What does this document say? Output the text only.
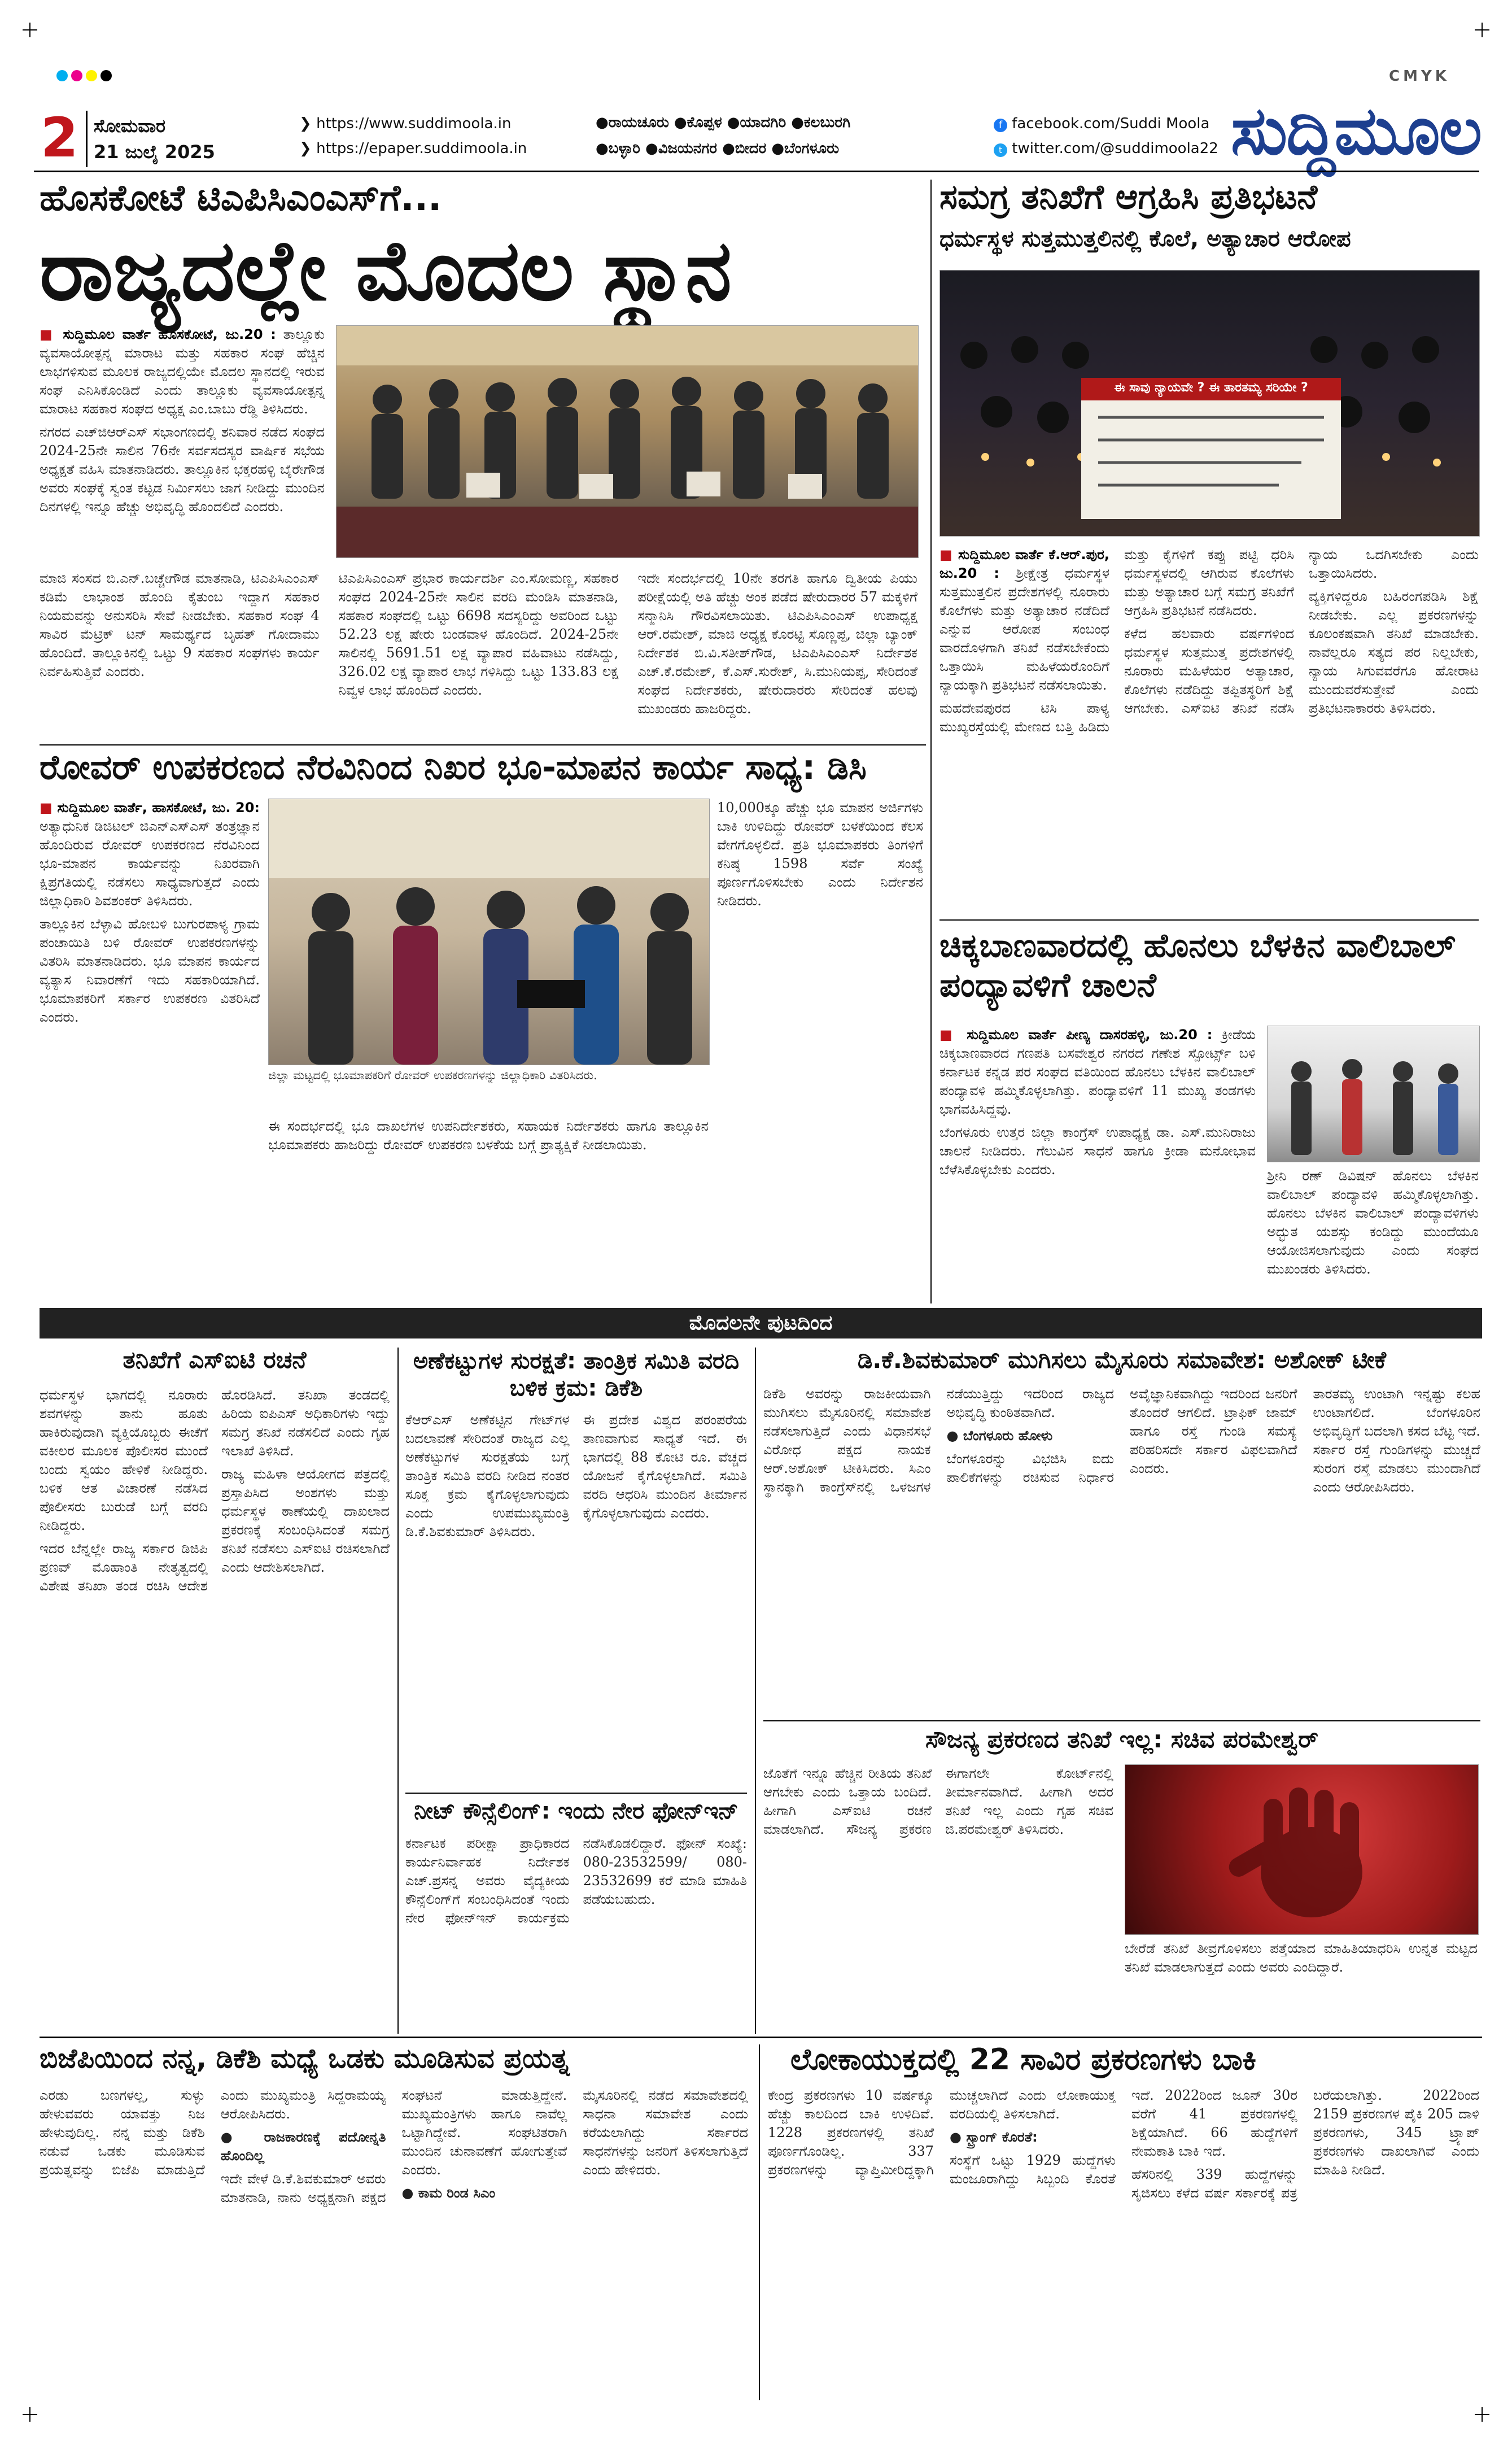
CMYK
2 ಸೋಮವಾರ
21 ಜುಲೈ 2025
❯ https://www.suddimoola.in
❯ https://epaper.suddimoola.in
●ರಾಯಚೂರು ●ಕೊಪ್ಪಳ ●ಯಾದಗಿರಿ ●ಕಲಬುರಗಿ
●ಬಳ್ಳಾರಿ ●ವಿಜಯನಗರ ●ಬೀದರ ●ಬೆಂಗಳೂರು
f facebook.com/Suddi Moola
t twitter.com/@suddimoola22 ಸುದ್ದಿಮೂಲ
ಹೊಸಕೋಟೆ ಟಿಎಪಿಸಿಎಂಎಸ್‌ಗೆ...
ರಾಜ್ಯದಲ್ಲೇ ಮೊದಲ ಸ್ಥಾನ

■ ಸುದ್ದಿಮೂಲ ವಾರ್ತೆ ಹೊಸಕೋಟೆ, ಜು.20 : ತಾಲ್ಲೂಕು ವ್ಯವಸಾಯೋತ್ಪನ್ನ ಮಾರಾಟ ಮತ್ತು ಸಹಕಾರ ಸಂಘ ಹೆಚ್ಚಿನ ಲಾಭಗಳಿಸುವ ಮೂಲಕ ರಾಜ್ಯದಲ್ಲಿಯೇ ಮೊದಲ ಸ್ಥಾನದಲ್ಲಿ ಇರುವ ಸಂಘ ಎನಿಸಿಕೊಂಡಿದೆ ಎಂದು ತಾಲ್ಲೂಕು ವ್ಯವಸಾಯೋತ್ಪನ್ನ ಮಾರಾಟ ಸಹಕಾರ ಸಂಘದ ಅಧ್ಯಕ್ಷ ಎಂ.ಬಾಬು ರೆಡ್ಡಿ ತಿಳಿಸಿದರು.

ನಗರದ ಎಚ್‌ಜಿಆರ್‌ಎಸ್ ಸಭಾಂಗಣದಲ್ಲಿ ಶನಿವಾರ ನಡೆದ ಸಂಘದ 2024-25ನೇ ಸಾಲಿನ 76ನೇ ಸರ್ವಸದಸ್ಯರ ವಾರ್ಷಿಕ ಸಭೆಯ ಅಧ್ಯಕ್ಷತೆ ವಹಿಸಿ ಮಾತನಾಡಿದರು. ತಾಲ್ಲೂಕಿನ ಭಕ್ತರಹಳ್ಳಿ ಬೈರೇಗೌಡ ಅವರು ಸಂಘಕ್ಕೆ ಸ್ವಂತ ಕಟ್ಟಡ ನಿರ್ಮಿಸಲು ಜಾಗ ನೀಡಿದ್ದು ಮುಂದಿನ ದಿನಗಳಲ್ಲಿ ಇನ್ನೂ ಹೆಚ್ಚು ಅಭಿವೃದ್ಧಿ ಹೊಂದಲಿದೆ ಎಂದರು.

ಮಾಜಿ ಸಂಸದ ಬಿ.ಎನ್.ಬಚ್ಚೇಗೌಡ ಮಾತನಾಡಿ, ಟಿಎಪಿಸಿಎಂಎಸ್ ಕಡಿಮೆ ಲಾಭಾಂಶ ಹೊಂದಿ ಕೈತುಂಬ ಇದ್ದಾಗ ಸಹಕಾರ ನಿಯಮವನ್ನು ಅನುಸರಿಸಿ ಸೇವೆ ನೀಡಬೇಕು. ಸಹಕಾರ ಸಂಘ 4 ಸಾವಿರ ಮೆಟ್ರಿಕ್ ಟನ್ ಸಾಮರ್ಥ್ಯದ ಬೃಹತ್ ಗೋದಾಮು ಹೊಂದಿದೆ. ತಾಲ್ಲೂಕಿನಲ್ಲಿ ಒಟ್ಟು 9 ಸಹಕಾರ ಸಂಘಗಳು ಕಾರ್ಯ ನಿರ್ವಹಿಸುತ್ತಿವೆ ಎಂದರು.

ಟಿಎಪಿಸಿಎಂಎಸ್ ಪ್ರಭಾರ ಕಾರ್ಯದರ್ಶಿ ಎಂ.ಸೋಮಣ್ಣ, ಸಹಕಾರ ಸಂಘದ 2024-25ನೇ ಸಾಲಿನ ವರದಿ ಮಂಡಿಸಿ ಮಾತನಾಡಿ, ಸಹಕಾರ ಸಂಘದಲ್ಲಿ ಒಟ್ಟು 6698 ಸದಸ್ಯರಿದ್ದು ಅವರಿಂದ ಒಟ್ಟು 52.23 ಲಕ್ಷ ಷೇರು ಬಂಡವಾಳ ಹೊಂದಿದೆ. 2024-25ನೇ ಸಾಲಿನಲ್ಲಿ 5691.51 ಲಕ್ಷ ವ್ಯಾಪಾರ ವಹಿವಾಟು ನಡೆಸಿದ್ದು, 326.02 ಲಕ್ಷ ವ್ಯಾಪಾರ ಲಾಭ ಗಳಿಸಿದ್ದು ಒಟ್ಟು 133.83 ಲಕ್ಷ ನಿವ್ವಳ ಲಾಭ ಹೊಂದಿದೆ ಎಂದರು.

ಇದೇ ಸಂದರ್ಭದಲ್ಲಿ 10ನೇ ತರಗತಿ ಹಾಗೂ ದ್ವಿತೀಯ ಪಿಯು ಪರೀಕ್ಷೆಯಲ್ಲಿ ಅತಿ ಹೆಚ್ಚು ಅಂಕ ಪಡೆದ ಷೇರುದಾರರ 57 ಮಕ್ಕಳಿಗೆ ಸನ್ಮಾನಿಸಿ ಗೌರವಿಸಲಾಯಿತು. ಟಿಎಪಿಸಿಎಂಎಸ್ ಉಪಾಧ್ಯಕ್ಷ ಆರ್.ರಮೇಶ್, ಮಾಜಿ ಅಧ್ಯಕ್ಷ ಕೊರಟ್ಟಿ ಸೊಣ್ಣಪ್ಪ, ಜಿಲ್ಲಾ ಬ್ಯಾಂಕ್ ನಿರ್ದೇಶಕ ಬಿ.ವಿ.ಸತೀಶ್‌ಗೌಡ, ಟಿಎಪಿಸಿಎಂಎಸ್ ನಿರ್ದೇಶಕ ಎಚ್.ಕೆ.ರಮೇಶ್, ಕೆ.ಎಸ್.ಸುರೇಶ್, ಸಿ.ಮುನಿಯಪ್ಪ, ಸೇರಿದಂತೆ ಸಂಘದ ನಿರ್ದೇಶಕರು, ಷೇರುದಾರರು ಸೇರಿದಂತೆ ಹಲವು ಮುಖಂಡರು ಹಾಜರಿದ್ದರು.

ಸಮಗ್ರ ತನಿಖೆಗೆ ಆಗ್ರಹಿಸಿ ಪ್ರತಿಭಟನೆ
ಧರ್ಮಸ್ಥಳ ಸುತ್ತಮುತ್ತಲಿನಲ್ಲಿ ಕೊಲೆ, ಅತ್ಯಾಚಾರ ಆರೋಪ
ಈ ಸಾವು ನ್ಯಾಯವೇ ? ಈ ತಾರತಮ್ಯ ಸರಿಯೇ ?

■ ಸುದ್ದಿಮೂಲ ವಾರ್ತೆ ಕೆ.ಆರ್.ಪುರ, ಜು.20 : ಶ್ರೀಕ್ಷೇತ್ರ ಧರ್ಮಸ್ಥಳ ಸುತ್ತಮುತ್ತಲಿನ ಪ್ರದೇಶಗಳಲ್ಲಿ ನೂರಾರು ಕೊಲೆಗಳು ಮತ್ತು ಅತ್ಯಾಚಾರ ನಡೆದಿದೆ ಎನ್ನುವ ಆರೋಪ ಸಂಬಂಧ ವಾರದೊಳಗಾಗಿ ತನಿಖೆ ನಡೆಸಬೇಕೆಂದು ಒತ್ತಾಯಿಸಿ ಮಹಿಳೆಯರೊಂದಿಗೆ ನ್ಯಾಯಕ್ಕಾಗಿ ಪ್ರತಿಭಟನೆ ನಡೆಸಲಾಯಿತು.

ಮಹದೇವಪುರದ ಟಿಸಿ ಪಾಳ್ಯ ಮುಖ್ಯರಸ್ತೆಯಲ್ಲಿ ಮೇಣದ ಬತ್ತಿ ಹಿಡಿದು ಮತ್ತು ಕೈಗಳಿಗೆ ಕಪ್ಪು ಪಟ್ಟಿ ಧರಿಸಿ ಧರ್ಮಸ್ಥಳದಲ್ಲಿ ಆಗಿರುವ ಕೊಲೆಗಳು ಮತ್ತು ಅತ್ಯಾಚಾರ ಬಗ್ಗೆ ಸಮಗ್ರ ತನಿಖೆಗೆ ಆಗ್ರಹಿಸಿ ಪ್ರತಿಭಟನೆ ನಡೆಸಿದರು.

ಕಳೆದ ಹಲವಾರು ವರ್ಷಗಳಿಂದ ಧರ್ಮಸ್ಥಳ ಸುತ್ತಮುತ್ತ ಪ್ರದೇಶಗಳಲ್ಲಿ ನೂರಾರು ಮಹಿಳೆಯರ ಅತ್ಯಾಚಾರ, ಕೊಲೆಗಳು ನಡೆದಿದ್ದು ತಪ್ಪಿತಸ್ಥರಿಗೆ ಶಿಕ್ಷೆ ಆಗಬೇಕು. ಎಸ್‌ಐಟಿ ತನಿಖೆ ನಡೆಸಿ ನ್ಯಾಯ ಒದಗಿಸಬೇಕು ಎಂದು ಒತ್ತಾಯಿಸಿದರು.

ವ್ಯಕ್ತಿಗಳಿದ್ದರೂ ಬಹಿರಂಗಪಡಿಸಿ ಶಿಕ್ಷೆ ನೀಡಬೇಕು. ಎಲ್ಲ ಪ್ರಕರಣಗಳನ್ನು ಕೂಲಂಕಷವಾಗಿ ತನಿಖೆ ಮಾಡಬೇಕು. ನಾವೆಲ್ಲರೂ ಸತ್ಯದ ಪರ ನಿಲ್ಲಬೇಕು, ನ್ಯಾಯ ಸಿಗುವವರೆಗೂ ಹೋರಾಟ ಮುಂದುವರೆಸುತ್ತೇವೆ ಎಂದು ಪ್ರತಿಭಟನಾಕಾರರು ತಿಳಿಸಿದರು.

ರೋವರ್ ಉಪಕರಣದ ನೆರವಿನಿಂದ ನಿಖರ ಭೂ-ಮಾಪನ ಕಾರ್ಯ ಸಾಧ್ಯ: ಡಿಸಿ

■ ಸುದ್ದಿಮೂಲ ವಾರ್ತೆ, ಹಾಸಕೋಟೆ, ಜು. 20: ಅತ್ಯಾಧುನಿಕ ಡಿಜಿಟಲ್ ಜಿಎನ್‌ಎಸ್‌ಎಸ್ ತಂತ್ರಜ್ಞಾನ ಹೊಂದಿರುವ ರೋವರ್ ಉಪಕರಣದ ನೆರವಿನಿಂದ ಭೂ-ಮಾಪನ ಕಾರ್ಯವನ್ನು ನಿಖರವಾಗಿ ಕ್ಷಿಪ್ರಗತಿಯಲ್ಲಿ ನಡೆಸಲು ಸಾಧ್ಯವಾಗುತ್ತದೆ ಎಂದು ಜಿಲ್ಲಾಧಿಕಾರಿ ಶಿವಶಂಕರ್ ತಿಳಿಸಿದರು.

ತಾಲ್ಲೂಕಿನ ಬೆಳ್ಳಾವಿ ಹೋಬಳಿ ಬುಗುರಪಾಳ್ಯ ಗ್ರಾಮ ಪಂಚಾಯಿತಿ ಬಳಿ ರೋವರ್ ಉಪಕರಣಗಳನ್ನು ವಿತರಿಸಿ ಮಾತನಾಡಿದರು. ಭೂ ಮಾಪನ ಕಾರ್ಯದ ವ್ಯತ್ಯಾಸ ನಿವಾರಣೆಗೆ ಇದು ಸಹಕಾರಿಯಾಗಿದೆ. ಭೂಮಾಪಕರಿಗೆ ಸರ್ಕಾರ ಉಪಕರಣ ವಿತರಿಸಿದೆ ಎಂದರು.

ಜಿಲ್ಲಾ ಮಟ್ಟದಲ್ಲಿ ಭೂಮಾಪಕರಿಗೆ ರೋವರ್ ಉಪಕರಣಗಳನ್ನು ಜಿಲ್ಲಾಧಿಕಾರಿ ವಿತರಿಸಿದರು.

ಈ ಸಂದರ್ಭದಲ್ಲಿ ಭೂ ದಾಖಲೆಗಳ ಉಪನಿರ್ದೇಶಕರು, ಸಹಾಯಕ ನಿರ್ದೇಶಕರು ಹಾಗೂ ತಾಲ್ಲೂಕಿನ ಭೂಮಾಪಕರು ಹಾಜರಿದ್ದು ರೋವರ್ ಉಪಕರಣ ಬಳಕೆಯ ಬಗ್ಗೆ ಪ್ರಾತ್ಯಕ್ಷಿಕೆ ನೀಡಲಾಯಿತು.

10,000ಕ್ಕೂ ಹೆಚ್ಚು ಭೂ ಮಾಪನ ಅರ್ಜಿಗಳು ಬಾಕಿ ಉಳಿದಿದ್ದು ರೋವರ್ ಬಳಕೆಯಿಂದ ಕೆಲಸ ವೇಗಗೊಳ್ಳಲಿದೆ. ಪ್ರತಿ ಭೂಮಾಪಕರು ತಿಂಗಳಿಗೆ ಕನಿಷ್ಠ 1598 ಸರ್ವೆ ಸಂಖ್ಯೆ ಪೂರ್ಣಗೊಳಿಸಬೇಕು ಎಂದು ನಿರ್ದೇಶನ ನೀಡಿದರು.

ಚಿಕ್ಕಬಾಣವಾರದಲ್ಲಿ ಹೊನಲು ಬೆಳಕಿನ ವಾಲಿಬಾಲ್ ಪಂದ್ಯಾವಳಿಗೆ ಚಾಲನೆ

■ ಸುದ್ದಿಮೂಲ ವಾರ್ತೆ ಪೀಣ್ಯ ದಾಸರಹಳ್ಳಿ, ಜು.20 : ಕ್ರೀಡೆಯ ಚಿಕ್ಕಬಾಣವಾರದ ಗಣಪತಿ ಬಸವೇಶ್ವರ ನಗರದ ಗಣೇಶ ಸ್ಪೋರ್ಟ್ಸ್ ಬಳಿ ಕರ್ನಾಟಕ ಕನ್ನಡ ಪರ ಸಂಘದ ವತಿಯಿಂದ ಹೊನಲು ಬೆಳಕಿನ ವಾಲಿಬಾಲ್ ಪಂದ್ಯಾವಳಿ ಹಮ್ಮಿಕೊಳ್ಳಲಾಗಿತ್ತು. ಪಂದ್ಯಾವಳಿಗೆ 11 ಮುಖ್ಯ ತಂಡಗಳು ಭಾಗವಹಿಸಿದ್ದವು.

ಬೆಂಗಳೂರು ಉತ್ತರ ಜಿಲ್ಲಾ ಕಾಂಗ್ರೆಸ್ ಉಪಾಧ್ಯಕ್ಷ ಡಾ. ಎಸ್.ಮುನಿರಾಜು ಚಾಲನೆ ನೀಡಿದರು. ಗೆಲುವಿನ ಸಾಧನೆ ಹಾಗೂ ಕ್ರೀಡಾ ಮನೋಭಾವ ಬೆಳೆಸಿಕೊಳ್ಳಬೇಕು ಎಂದರು.	ಶ್ರೀನಿ ರಣ್ ಡಿವಿಷನ್ ಹೊನಲು ಬೆಳಕಿನ ವಾಲಿಬಾಲ್ ಪಂದ್ಯಾವಳಿ ಹಮ್ಮಿಕೊಳ್ಳಲಾಗಿತ್ತು. ಹೊನಲು ಬೆಳಕಿನ ವಾಲಿಬಾಲ್ ಪಂದ್ಯಾವಳಿಗಳು ಅದ್ಭುತ ಯಶಸ್ಸು ಕಂಡಿದ್ದು ಮುಂದೆಯೂ ಆಯೋಜಿಸಲಾಗುವುದು ಎಂದು ಸಂಘದ ಮುಖಂಡರು ತಿಳಿಸಿದರು.

ಮೊದಲನೇ ಪುಟದಿಂದ
ತನಿಖೆಗೆ ಎಸ್‌ಐಟಿ ರಚನೆ

ಧರ್ಮಸ್ಥಳ ಭಾಗದಲ್ಲಿ ನೂರಾರು ಶವಗಳನ್ನು ತಾನು ಹೂತು ಹಾಕಿರುವುದಾಗಿ ವ್ಯಕ್ತಿಯೊಬ್ಬರು ಈಚೆಗೆ ವಕೀಲರ ಮೂಲಕ ಪೊಲೀಸರ ಮುಂದೆ ಬಂದು ಸ್ವಯಂ ಹೇಳಿಕೆ ನೀಡಿದ್ದರು. ಬಳಿಕ ಆತ ವಿಚಾರಣೆ ನಡೆಸಿದ ಪೊಲೀಸರು ಬುರುಡೆ ಬಗ್ಗೆ ವರದಿ ನೀಡಿದ್ದರು.

ಇದರ ಬೆನ್ನಲ್ಲೇ ರಾಜ್ಯ ಸರ್ಕಾರ ಡಿಜಿಪಿ ಪ್ರಣವ್ ಮೊಹಾಂತಿ ನೇತೃತ್ವದಲ್ಲಿ ವಿಶೇಷ ತನಿಖಾ ತಂಡ ರಚಿಸಿ ಆದೇಶ ಹೊರಡಿಸಿದೆ. ತನಿಖಾ ತಂಡದಲ್ಲಿ ಹಿರಿಯ ಐಪಿಎಸ್ ಅಧಿಕಾರಿಗಳು ಇದ್ದು ಸಮಗ್ರ ತನಿಖೆ ನಡೆಸಲಿದೆ ಎಂದು ಗೃಹ ಇಲಾಖೆ ತಿಳಿಸಿದೆ.

ರಾಜ್ಯ ಮಹಿಳಾ ಆಯೋಗದ ಪತ್ರದಲ್ಲಿ ಪ್ರಸ್ತಾಪಿಸಿದ ಅಂಶಗಳು ಮತ್ತು ಧರ್ಮಸ್ಥಳ ಠಾಣೆಯಲ್ಲಿ ದಾಖಲಾದ ಪ್ರಕರಣಕ್ಕೆ ಸಂಬಂಧಿಸಿದಂತೆ ಸಮಗ್ರ ತನಿಖೆ ನಡೆಸಲು ಎಸ್‌ಐಟಿ ರಚಿಸಲಾಗಿದೆ ಎಂದು ಆದೇಶಿಸಲಾಗಿದೆ.

ಅಣೆಕಟ್ಟುಗಳ ಸುರಕ್ಷತೆ: ತಾಂತ್ರಿಕ ಸಮಿತಿ ವರದಿ ಬಳಿಕ ಕ್ರಮ: ಡಿಕೆಶಿ

ಕೆಆರ್‌ಎಸ್ ಅಣೆಕಟ್ಟಿನ ಗೇಟ್‌ಗಳ ಬದಲಾವಣೆ ಸೇರಿದಂತೆ ರಾಜ್ಯದ ಎಲ್ಲ ಅಣೆಕಟ್ಟುಗಳ ಸುರಕ್ಷತೆಯ ಬಗ್ಗೆ ತಾಂತ್ರಿಕ ಸಮಿತಿ ವರದಿ ನೀಡಿದ ನಂತರ ಸೂಕ್ತ ಕ್ರಮ ಕೈಗೊಳ್ಳಲಾಗುವುದು ಎಂದು ಉಪಮುಖ್ಯಮಂತ್ರಿ ಡಿ.ಕೆ.ಶಿವಕುಮಾರ್ ತಿಳಿಸಿದರು.

ಈ ಪ್ರದೇಶ ವಿಶ್ವದ ಪರಂಪರೆಯ ತಾಣವಾಗುವ ಸಾಧ್ಯತೆ ಇದೆ. ಈ ಭಾಗದಲ್ಲಿ 88 ಕೋಟಿ ರೂ. ವೆಚ್ಚದ ಯೋಜನೆ ಕೈಗೊಳ್ಳಲಾಗಿದೆ. ಸಮಿತಿ ವರದಿ ಆಧರಿಸಿ ಮುಂದಿನ ತೀರ್ಮಾನ ಕೈಗೊಳ್ಳಲಾಗುವುದು ಎಂದರು.

ನೀಟ್ ಕೌನ್ಸೆಲಿಂಗ್: ಇಂದು ನೇರ ಫೋನ್‌ಇನ್

ಕರ್ನಾಟಕ ಪರೀಕ್ಷಾ ಪ್ರಾಧಿಕಾರದ ಕಾರ್ಯನಿರ್ವಾಹಕ ನಿರ್ದೇಶಕ ಎಚ್.ಪ್ರಸನ್ನ ಅವರು ವೈದ್ಯಕೀಯ ಕೌನ್ಸೆಲಿಂಗ್‌ಗೆ ಸಂಬಂಧಿಸಿದಂತೆ ಇಂದು ನೇರ ಫೋನ್‌ಇನ್ ಕಾರ್ಯಕ್ರಮ ನಡೆಸಿಕೊಡಲಿದ್ದಾರೆ. ಫೋನ್ ಸಂಖ್ಯೆ: 080-23532599/ 080-23532699 ಕರೆ ಮಾಡಿ ಮಾಹಿತಿ ಪಡೆಯಬಹುದು.

ಡಿ.ಕೆ.ಶಿವಕುಮಾರ್ ಮುಗಿಸಲು ಮೈಸೂರು ಸಮಾವೇಶ: ಅಶೋಕ್ ಟೀಕೆ

ಡಿಕೆಶಿ ಅವರನ್ನು ರಾಜಕೀಯವಾಗಿ ಮುಗಿಸಲು ಮೈಸೂರಿನಲ್ಲಿ ಸಮಾವೇಶ ನಡೆಸಲಾಗುತ್ತಿದೆ ಎಂದು ವಿಧಾನಸಭೆ ವಿರೋಧ ಪಕ್ಷದ ನಾಯಕ ಆರ್.ಅಶೋಕ್ ಟೀಕಿಸಿದರು. ಸಿಎಂ ಸ್ಥಾನಕ್ಕಾಗಿ ಕಾಂಗ್ರೆಸ್‌ನಲ್ಲಿ ಒಳಜಗಳ ನಡೆಯುತ್ತಿದ್ದು ಇದರಿಂದ ರಾಜ್ಯದ ಅಭಿವೃದ್ಧಿ ಕುಂಠಿತವಾಗಿದೆ.

● ಬೆಂಗಳೂರು ಹೋಳು

ಬೆಂಗಳೂರನ್ನು ವಿಭಜಿಸಿ ಐದು ಪಾಲಿಕೆಗಳನ್ನು ರಚಿಸುವ ನಿರ್ಧಾರ ಅವೈಜ್ಞಾನಿಕವಾಗಿದ್ದು ಇದರಿಂದ ಜನರಿಗೆ ತೊಂದರೆ ಆಗಲಿದೆ. ಟ್ರಾಫಿಕ್ ಜಾಮ್ ಹಾಗೂ ರಸ್ತೆ ಗುಂಡಿ ಸಮಸ್ಯೆ ಪರಿಹರಿಸದೇ ಸರ್ಕಾರ ವಿಫಲವಾಗಿದೆ ಎಂದರು.

ತಾರತಮ್ಯ ಉಂಟಾಗಿ ಇನ್ನಷ್ಟು ಕಲಹ ಉಂಟಾಗಲಿದೆ. ಬೆಂಗಳೂರಿನ ಅಭಿವೃದ್ಧಿಗೆ ಬದಲಾಗಿ ಕಸದ ಬೆಟ್ಟ ಇದೆ. ಸರ್ಕಾರ ರಸ್ತೆ ಗುಂಡಿಗಳನ್ನು ಮುಚ್ಚದೆ ಸುರಂಗ ರಸ್ತೆ ಮಾಡಲು ಮುಂದಾಗಿದೆ ಎಂದು ಆರೋಪಿಸಿದರು.

ಸೌಜನ್ಯ ಪ್ರಕರಣದ ತನಿಖೆ ಇಲ್ಲ: ಸಚಿವ ಪರಮೇಶ್ವರ್

ಜೊತೆಗೆ ಇನ್ನೂ ಹೆಚ್ಚಿನ ರೀತಿಯ ತನಿಖೆ ಆಗಬೇಕು ಎಂದು ಒತ್ತಾಯ ಬಂದಿದೆ. ಹೀಗಾಗಿ ಎಸ್‌ಐಟಿ ರಚನೆ ಮಾಡಲಾಗಿದೆ. ಸೌಜನ್ಯ ಪ್ರಕರಣ ಈಗಾಗಲೇ ಕೋರ್ಟ್‌ನಲ್ಲಿ ತೀರ್ಮಾನವಾಗಿದೆ. ಹೀಗಾಗಿ ಅದರ ತನಿಖೆ ಇಲ್ಲ ಎಂದು ಗೃಹ ಸಚಿವ ಜಿ.ಪರಮೇಶ್ವರ್ ತಿಳಿಸಿದರು.

ಬೇರೆಡೆ ತನಿಖೆ ತೀವ್ರಗೊಳಿಸಲು ಪತ್ತೆಯಾದ ಮಾಹಿತಿಯಾಧರಿಸಿ ಉನ್ನತ ಮಟ್ಟದ ತನಿಖೆ ಮಾಡಲಾಗುತ್ತದೆ ಎಂದು ಅವರು ಎಂದಿದ್ದಾರೆ.

ಬಿಜೆಪಿಯಿಂದ ನನ್ನ, ಡಿಕೆಶಿ ಮಧ್ಯೆ ಒಡಕು ಮೂಡಿಸುವ ಪ್ರಯತ್ನ

ಎರಡು ಬಣಗಳಲ್ಲ, ಸುಳ್ಳು ಹೇಳುವವರು ಯಾವತ್ತು ನಿಜ ಹೇಳುವುದಿಲ್ಲ. ನನ್ನ ಮತ್ತು ಡಿಕೆಶಿ ನಡುವೆ ಒಡಕು ಮೂಡಿಸುವ ಪ್ರಯತ್ನವನ್ನು ಬಿಜೆಪಿ ಮಾಡುತ್ತಿದೆ ಎಂದು ಮುಖ್ಯಮಂತ್ರಿ ಸಿದ್ದರಾಮಯ್ಯ ಆರೋಪಿಸಿದರು.

● ರಾಜಕಾರಣಕ್ಕೆ ಪದೋನ್ನತಿ ಹೊಂದಿಲ್ಲ

ಇದೇ ವೇಳೆ ಡಿ.ಕೆ.ಶಿವಕುಮಾರ್ ಅವರು ಮಾತನಾಡಿ, ನಾನು ಅಧ್ಯಕ್ಷನಾಗಿ ಪಕ್ಷದ ಸಂಘಟನೆ ಮಾಡುತ್ತಿದ್ದೇನೆ. ಮುಖ್ಯಮಂತ್ರಿಗಳು ಹಾಗೂ ನಾವೆಲ್ಲ ಒಟ್ಟಾಗಿದ್ದೇವೆ. ಸಂಘಟಿತರಾಗಿ ಮುಂದಿನ ಚುನಾವಣೆಗೆ ಹೋಗುತ್ತೇವೆ ಎಂದರು.

● ಕಾಮ ರಿಂಡ ಸಿಎಂ

ಮೈಸೂರಿನಲ್ಲಿ ನಡೆದ ಸಮಾವೇಶದಲ್ಲಿ ಸಾಧನಾ ಸಮಾವೇಶ ಎಂದು ಕರೆಯಲಾಗಿದ್ದು ಸರ್ಕಾರದ ಸಾಧನೆಗಳನ್ನು ಜನರಿಗೆ ತಿಳಿಸಲಾಗುತ್ತಿದೆ ಎಂದು ಹೇಳಿದರು.

ಲೋಕಾಯುಕ್ತದಲ್ಲಿ 22 ಸಾವಿರ ಪ್ರಕರಣಗಳು ಬಾಕಿ

ಕೇಂದ್ರ ಪ್ರಕರಣಗಳು 10 ವರ್ಷಕ್ಕೂ ಹೆಚ್ಚು ಕಾಲದಿಂದ ಬಾಕಿ ಉಳಿದಿವೆ. 1228 ಪ್ರಕರಣಗಳಲ್ಲಿ ತನಿಖೆ ಪೂರ್ಣಗೊಂಡಿಲ್ಲ. 337 ಪ್ರಕರಣಗಳನ್ನು ವ್ಯಾಪ್ತಿಮೀರಿದ್ದಕ್ಕಾಗಿ ಮುಚ್ಚಲಾಗಿದೆ ಎಂದು ಲೋಕಾಯುಕ್ತ ವರದಿಯಲ್ಲಿ ತಿಳಿಸಲಾಗಿದೆ.

● ಸ್ಟ್ರಾಂಗ್ ಕೊರತೆ:

ಸಂಸ್ಥೆಗೆ ಒಟ್ಟು 1929 ಹುದ್ದೆಗಳು ಮಂಜೂರಾಗಿದ್ದು ಸಿಬ್ಬಂದಿ ಕೊರತೆ ಇದೆ. 2022ರಿಂದ ಜೂನ್ 30ರ ವರೆಗೆ 41 ಪ್ರಕರಣಗಳಲ್ಲಿ ಶಿಕ್ಷೆಯಾಗಿದೆ. 66 ಹುದ್ದೆಗಳಿಗೆ ನೇಮಕಾತಿ ಬಾಕಿ ಇದೆ.

ಹೆಸರಿನಲ್ಲಿ 339 ಹುದ್ದೆಗಳನ್ನು ಸೃಜಿಸಲು ಕಳೆದ ವರ್ಷ ಸರ್ಕಾರಕ್ಕೆ ಪತ್ರ ಬರೆಯಲಾಗಿತ್ತು. 2022ರಿಂದ 2159 ಪ್ರಕರಣಗಳ ಪೈಕಿ 205 ದಾಳಿ ಪ್ರಕರಣಗಳು, 345 ಟ್ರ್ಯಾಪ್ ಪ್ರಕರಣಗಳು ದಾಖಲಾಗಿವೆ ಎಂದು ಮಾಹಿತಿ ನೀಡಿದೆ.
